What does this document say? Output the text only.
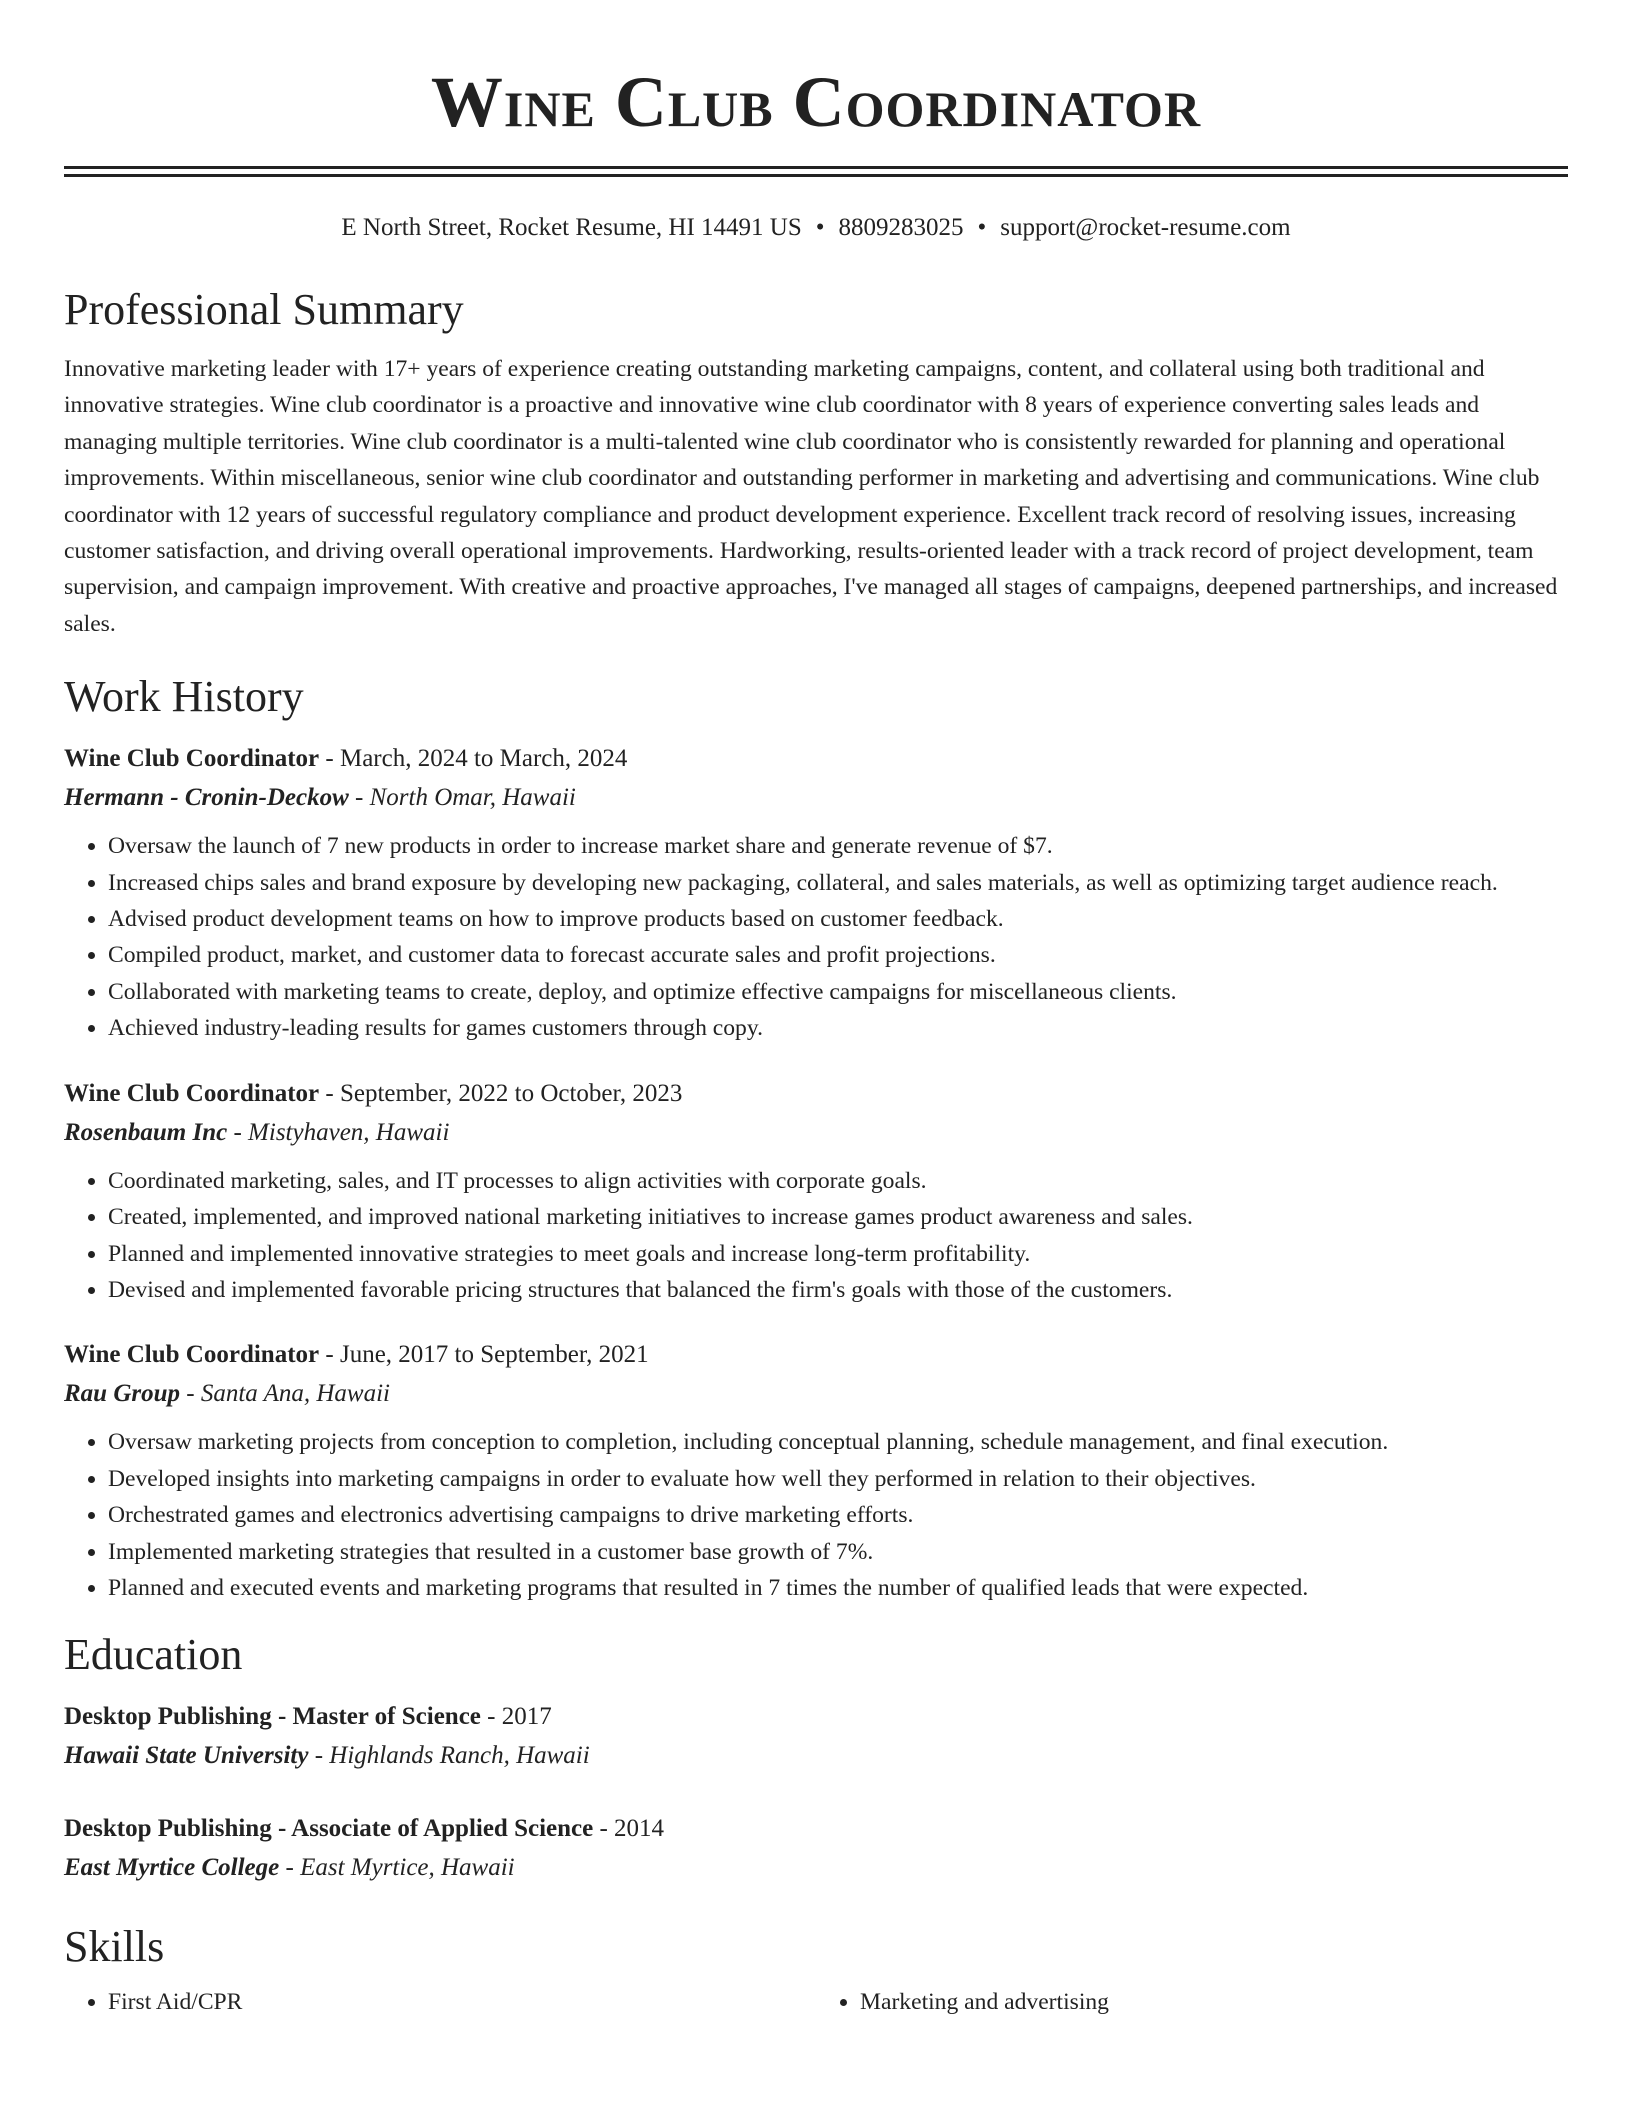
Wine Club Coordinator
E North Street, Rocket Resume, HI 14491 US • 8809283025 • support@rocket-resume.com
Professional Summary

Innovative marketing leader with 17+ years of experience creating outstanding marketing campaigns, content, and collateral using both traditional and innovative strategies. Wine club coordinator is a proactive and innovative wine club coordinator with 8 years of experience converting sales leads and managing multiple territories. Wine club coordinator is a multi-talented wine club coordinator who is consistently rewarded for planning and operational improvements. Within miscellaneous, senior wine club coordinator and outstanding performer in marketing and advertising and communications. Wine club coordinator with 12 years of successful regulatory compliance and product development experience. Excellent track record of resolving issues, increasing customer satisfaction, and driving overall operational improvements. Hardworking, results-oriented leader with a track record of project development, team supervision, and campaign improvement. With creative and proactive approaches, I've managed all stages of campaigns, deepened partnerships, and increased sales.

Work History
Wine Club Coordinator - March, 2024 to March, 2024
Hermann - Cronin-Deckow - North Omar, Hawaii
• Oversaw the launch of 7 new products in order to increase market share and generate revenue of $7.
• Increased chips sales and brand exposure by developing new packaging, collateral, and sales materials, as well as optimizing target audience reach.
• Advised product development teams on how to improve products based on customer feedback.
• Compiled product, market, and customer data to forecast accurate sales and profit projections.
• Collaborated with marketing teams to create, deploy, and optimize effective campaigns for miscellaneous clients.
• Achieved industry-leading results for games customers through copy.
Wine Club Coordinator - September, 2022 to October, 2023
Rosenbaum Inc - Mistyhaven, Hawaii
• Coordinated marketing, sales, and IT processes to align activities with corporate goals.
• Created, implemented, and improved national marketing initiatives to increase games product awareness and sales.
• Planned and implemented innovative strategies to meet goals and increase long-term profitability.
• Devised and implemented favorable pricing structures that balanced the firm's goals with those of the customers.
Wine Club Coordinator - June, 2017 to September, 2021
Rau Group - Santa Ana, Hawaii
• Oversaw marketing projects from conception to completion, including conceptual planning, schedule management, and final execution.
• Developed insights into marketing campaigns in order to evaluate how well they performed in relation to their objectives.
• Orchestrated games and electronics advertising campaigns to drive marketing efforts.
• Implemented marketing strategies that resulted in a customer base growth of 7%.
• Planned and executed events and marketing programs that resulted in 7 times the number of qualified leads that were expected.
Education
Desktop Publishing - Master of Science - 2017
Hawaii State University - Highlands Ranch, Hawaii
Desktop Publishing - Associate of Applied Science - 2014
East Myrtice College - East Myrtice, Hawaii
Skills
• First Aid/CPR
•	Marketing and advertising
